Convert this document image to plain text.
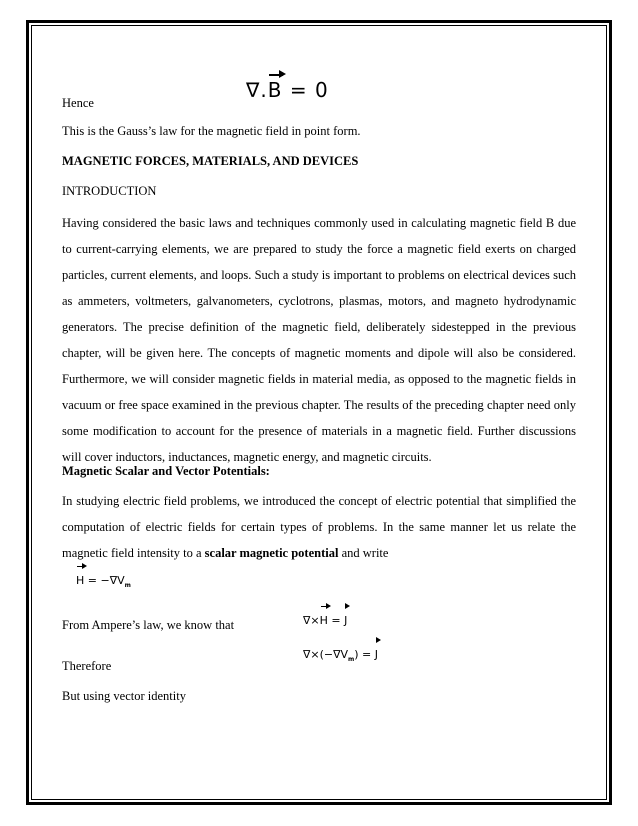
Hence
∇.B = 0
This is the Gauss’s law for the magnetic field in point form.
MAGNETIC FORCES, MATERIALS, AND DEVICES
INTRODUCTION
Having considered the basic laws and techniques commonly used in calculating magnetic field B due to current-carrying elements, we are prepared to study the force a magnetic field exerts on charged particles, current elements, and loops. Such a study is important to problems on electrical devices such as ammeters, voltmeters, galvanometers, cyclotrons, plasmas, motors, and magneto hydrodynamic generators. The precise definition of the magnetic field, deliberately sidestepped in the previous chapter, will be given here. The concepts of magnetic moments and dipole will also be considered. Furthermore, we will consider magnetic fields in material media, as opposed to the magnetic fields in vacuum or free space examined in the previous chapter. The results of the preceding chapter need only some modification to account for the presence of materials in a magnetic field. Further discussions will cover inductors, inductances, magnetic energy, and magnetic circuits.
Magnetic Scalar and Vector Potentials:
In studying electric field problems, we introduced the concept of electric potential that simplified the computation of electric fields for certain types of problems. In the same manner let us relate the magnetic field intensity to a scalar magnetic potential and write
$H = -\nabla V_m$
From Ampere’s law, we know that	∇×H = J
Therefore
$\nabla\times(-\nabla V_m) = J$
But using vector identity
